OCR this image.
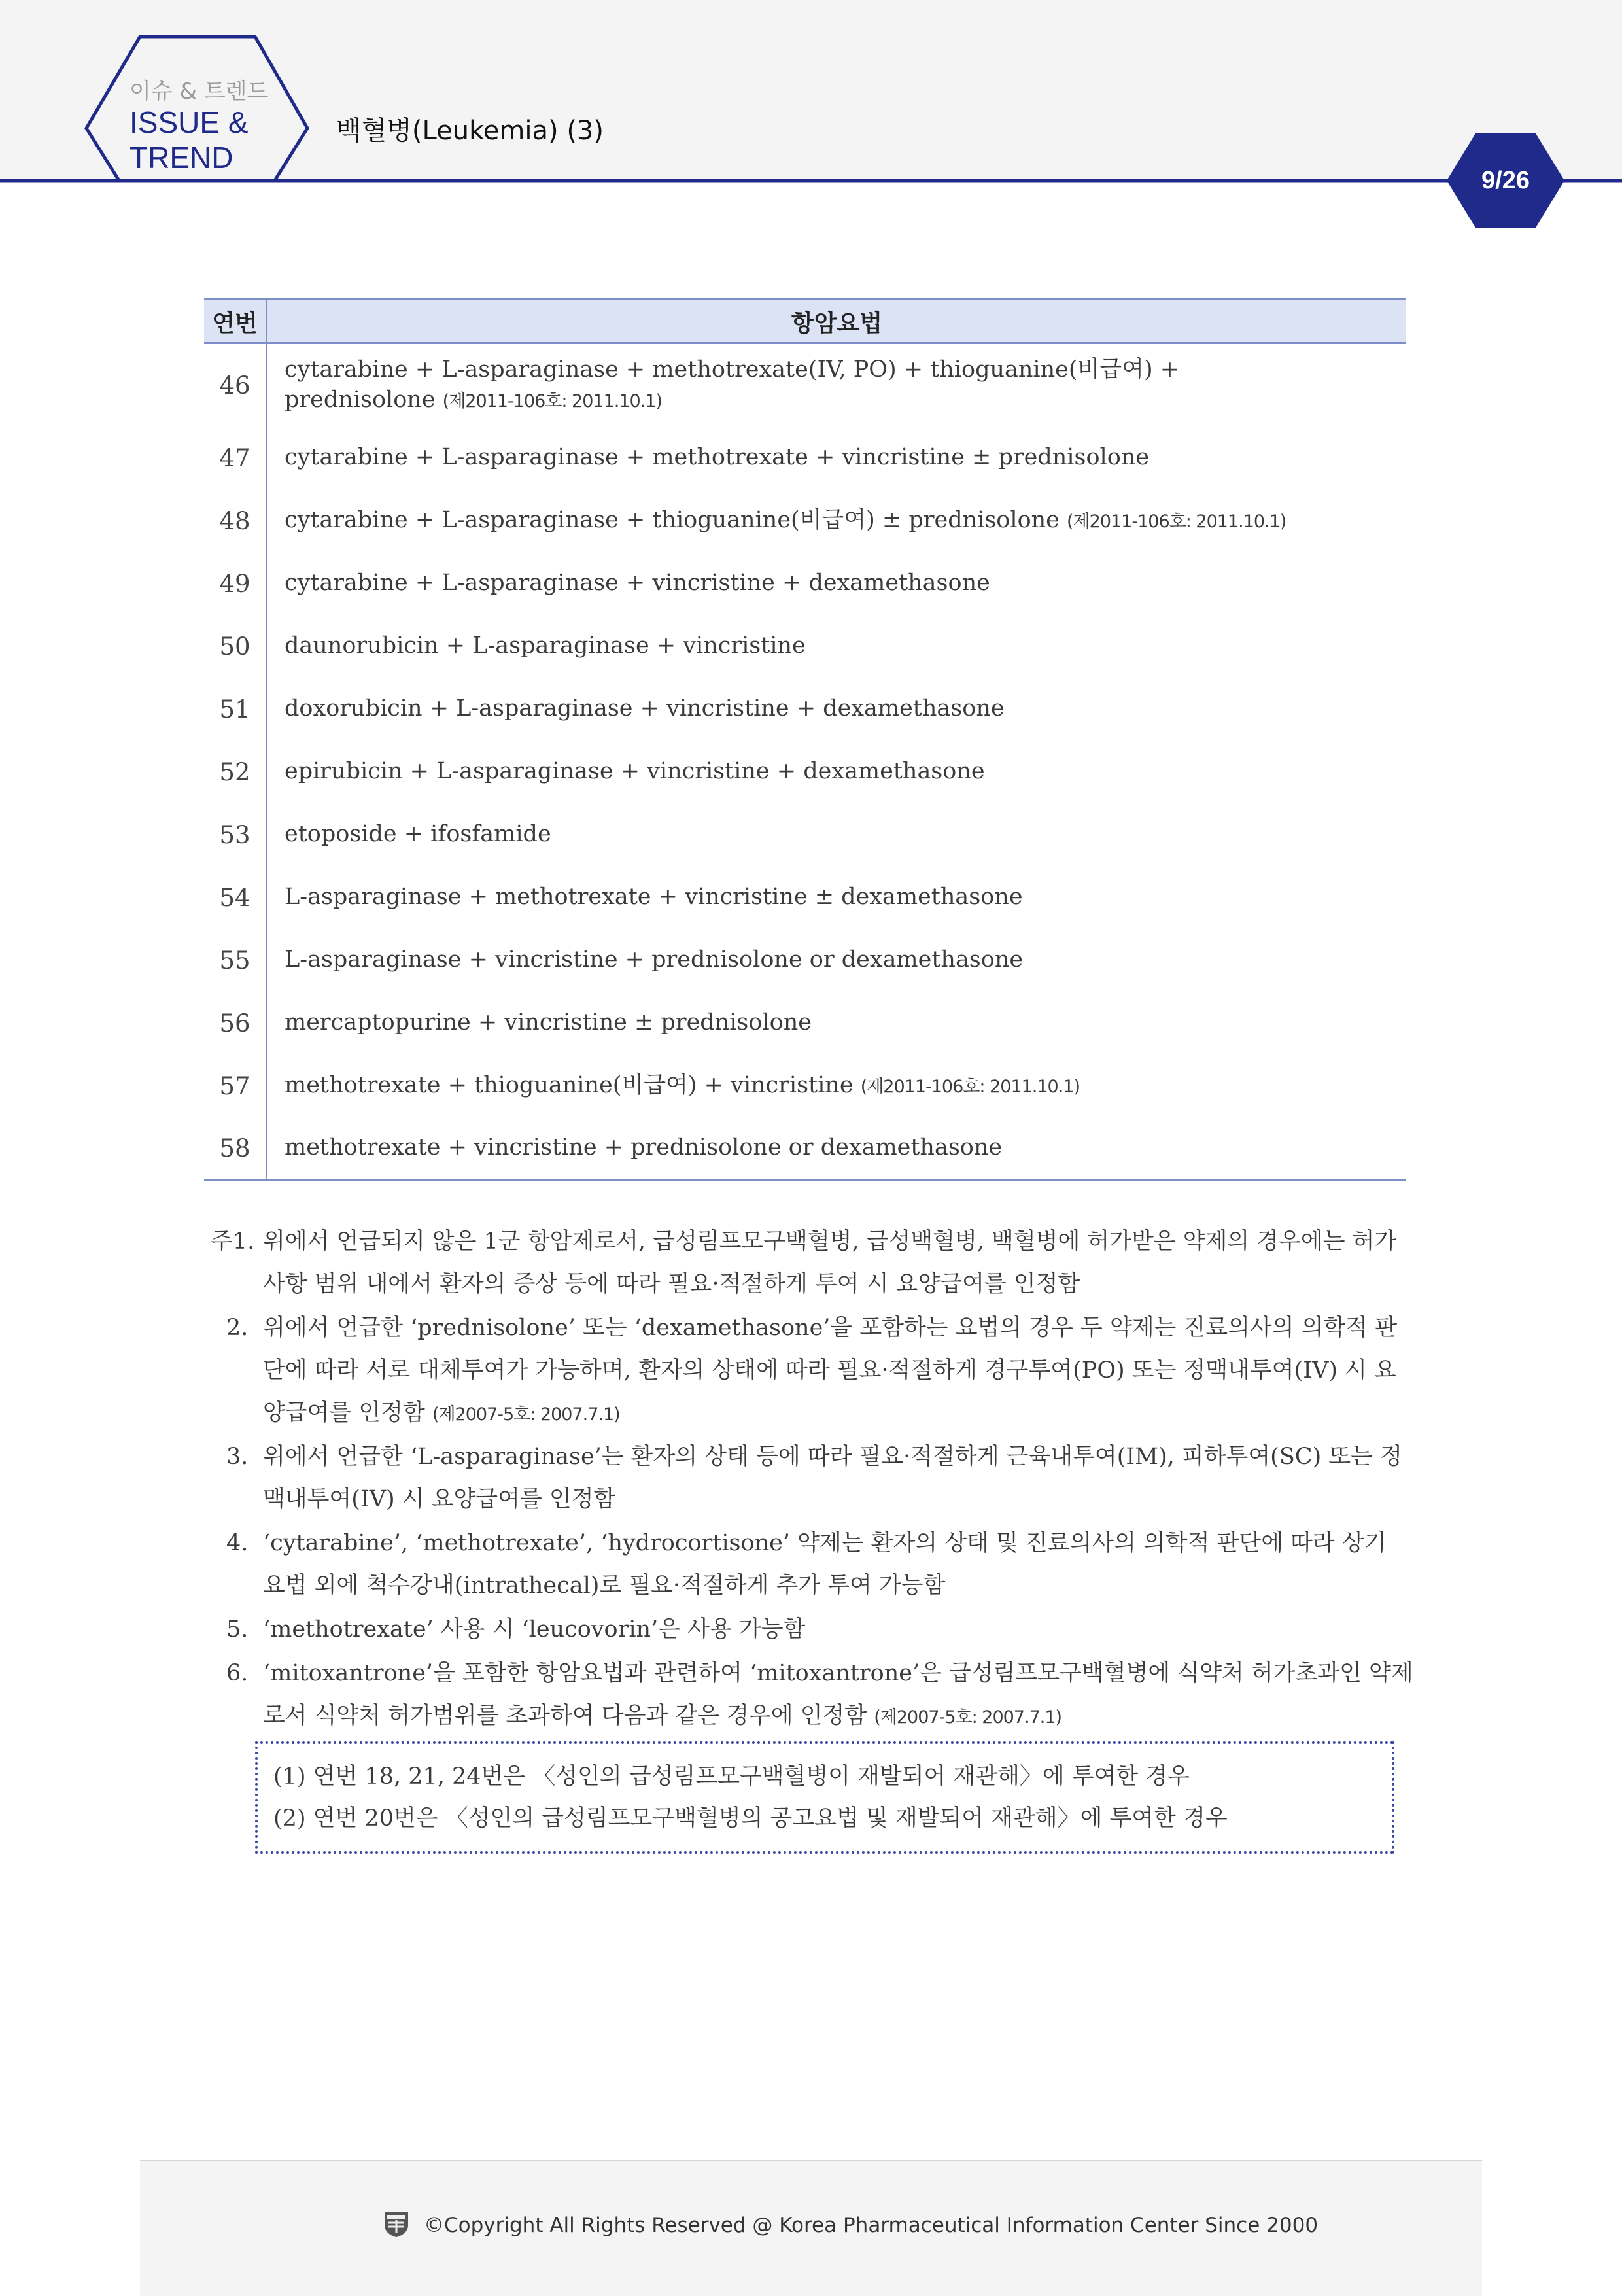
이슈 & 트렌드
ISSUE & TREND
백혈병(Leukemia) (3)
9/26
연번	항암요법
46	cytarabine + L-asparaginase + methotrexate(IV, PO) + thioguanine(비급여) +
prednisolone (제2011-106호: 2011.10.1)
47	cytarabine + L-asparaginase + methotrexate + vincristine ± prednisolone
48	cytarabine + L-asparaginase + thioguanine(비급여) ± prednisolone (제2011-106호: 2011.10.1)
49	cytarabine + L-asparaginase + vincristine + dexamethasone
50	daunorubicin + L-asparaginase + vincristine
51	doxorubicin + L-asparaginase + vincristine + dexamethasone
52	epirubicin + L-asparaginase + vincristine + dexamethasone
53	etoposide + ifosfamide
54	L-asparaginase + methotrexate + vincristine ± dexamethasone
55	L-asparaginase + vincristine + prednisolone or dexamethasone
56	mercaptopurine + vincristine ± prednisolone
57	methotrexate + thioguanine(비급여) + vincristine (제2011-106호: 2011.10.1)
58	methotrexate + vincristine + prednisolone or dexamethasone

주1. 위에서 언급되지 않은 1군 항암제로서, 급성림프모구백혈병, 급성백혈병, 백혈병에 허가받은 약제의 경우에는 허가사항 범위 내에서 환자의 증상 등에 따라 필요·적절하게 투여 시 요양급여를 인정함

2. 위에서 언급한 ‘prednisolone’ 또는 ‘dexamethasone’을 포함하는 요법의 경우 두 약제는 진료의사의 의학적 판단에 따라 서로 대체투여가 가능하며, 환자의 상태에 따라 필요·적절하게 경구투여(PO) 또는 정맥내투여(IV) 시 요양급여를 인정함 (제2007-5호: 2007.7.1)

3. 위에서 언급한 ‘L-asparaginase’는 환자의 상태 등에 따라 필요·적절하게 근육내투여(IM), 피하투여(SC) 또는 정맥내투여(IV) 시 요양급여를 인정함

4. ‘cytarabine’, ‘methotrexate’, ‘hydrocortisone’ 약제는 환자의 상태 및 진료의사의 의학적 판단에 따라 상기 요법 외에 척수강내(intrathecal)로 필요·적절하게 추가 투여 가능함

5. ‘methotrexate’ 사용 시 ‘leucovorin’은 사용 가능함

6. ‘mitoxantrone’을 포함한 항암요법과 관련하여 ‘mitoxantrone’은 급성림프모구백혈병에 식약처 허가초과인 약제로서 식약처 허가범위를 초과하여 다음과 같은 경우에 인정함 (제2007-5호: 2007.7.1)

(1) 연번 18, 21, 24번은 〈성인의 급성림프모구백혈병이 재발되어 재관해〉에 투여한 경우
(2) 연번 20번은 〈성인의 급성림프모구백혈병의 공고요법 및 재발되어 재관해〉에 투여한 경우
©Copyright All Rights Reserved @ Korea Pharmaceutical Information Center Since 2000
